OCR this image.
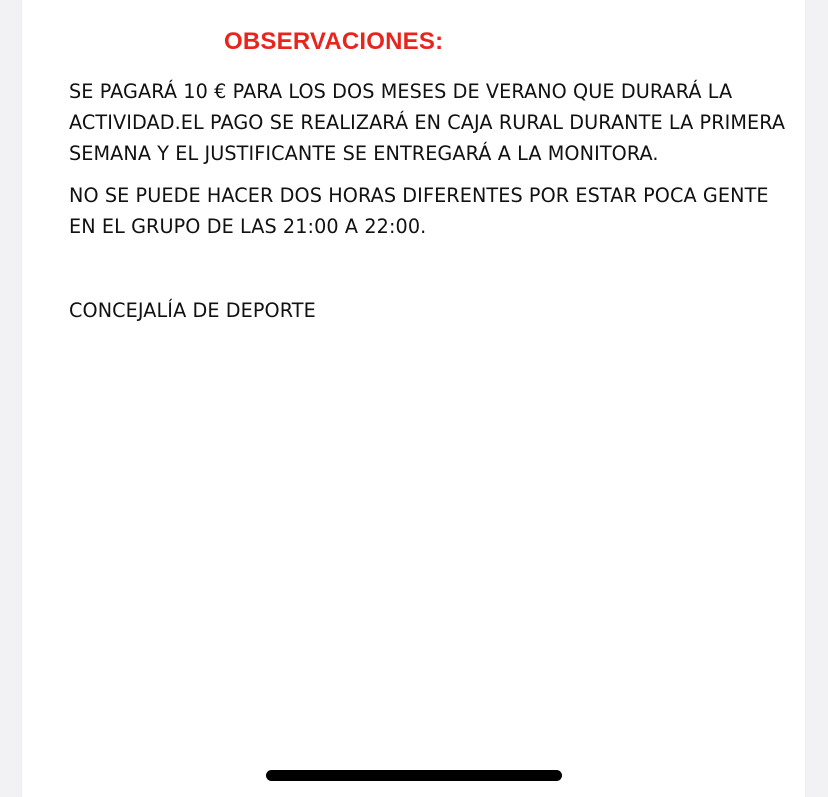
OBSERVACIONES:

SE PAGARÁ 10 € PARA LOS DOS MESES DE VERANO QUE DURARÁ LA ACTIVIDAD.EL PAGO SE REALIZARÁ EN CAJA RURAL DURANTE LA PRIMERA SEMANA Y EL JUSTIFICANTE SE ENTREGARÁ A LA MONITORA.

NO SE PUEDE HACER DOS HORAS DIFERENTES POR ESTAR POCA GENTE EN EL GRUPO DE LAS 21:00 A 22:00.

CONCEJALÍA DE DEPORTE
